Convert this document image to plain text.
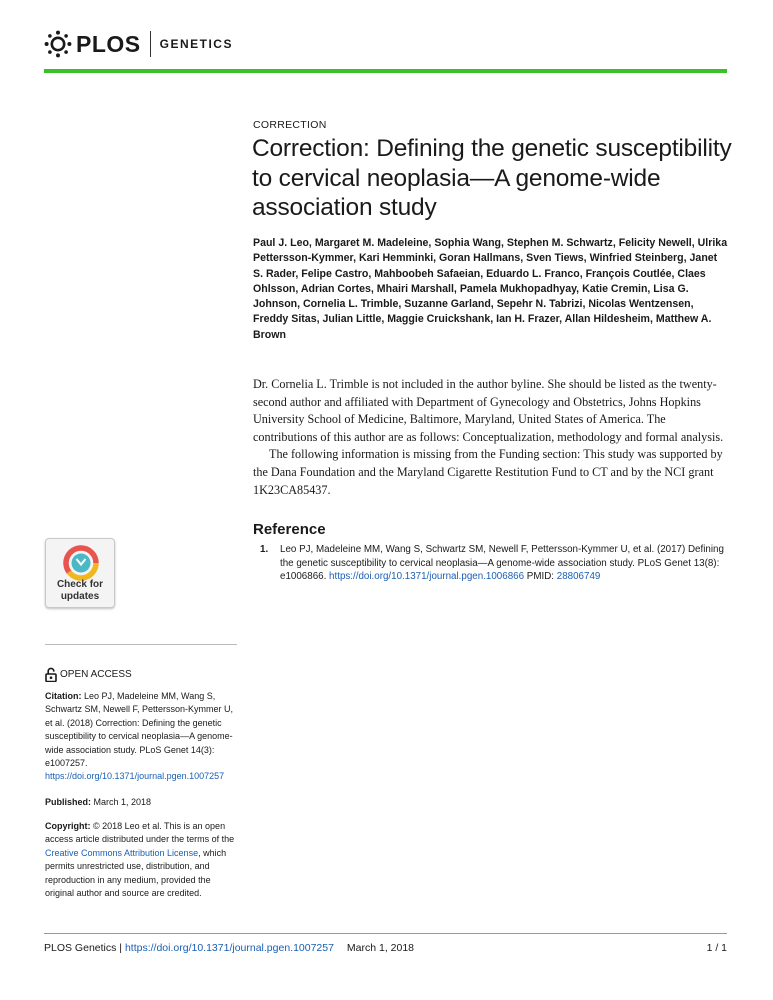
PLOS GENETICS
CORRECTION
Correction: Defining the genetic susceptibility to cervical neoplasia—A genome-wide association study
Paul J. Leo, Margaret M. Madeleine, Sophia Wang, Stephen M. Schwartz, Felicity Newell, Ulrika Pettersson-Kymmer, Kari Hemminki, Goran Hallmans, Sven Tiews, Winfried Steinberg, Janet S. Rader, Felipe Castro, Mahboobeh Safaeian, Eduardo L. Franco, François Coutlée, Claes Ohlsson, Adrian Cortes, Mhairi Marshall, Pamela Mukhopadhyay, Katie Cremin, Lisa G. Johnson, Cornelia L. Trimble, Suzanne Garland, Sepehr N. Tabrizi, Nicolas Wentzensen, Freddy Sitas, Julian Little, Maggie Cruickshank, Ian H. Frazer, Allan Hildesheim, Matthew A. Brown

Dr. Cornelia L. Trimble is not included in the author byline. She should be listed as the twenty-second author and affiliated with Department of Gynecology and Obstetrics, Johns Hopkins University School of Medicine, Baltimore, Maryland, United States of America. The contributions of this author are as follows: Conceptualization, methodology and formal analysis.

The following information is missing from the Funding section: This study was supported by the Dana Foundation and the Maryland Cigarette Restitution Fund to CT and by the NCI grant 1K23CA85437.

Reference
1.	Leo PJ, Madeleine MM, Wang S, Schwartz SM, Newell F, Pettersson-Kymmer U, et al. (2017) Defining the genetic susceptibility to cervical neoplasia—A genome-wide association study. PLoS Genet 13(8): e1006866. https://doi.org/10.1371/journal.pgen.1006866 PMID: 28806749
Check for
updates
OPEN ACCESS
Citation: Leo PJ, Madeleine MM, Wang S, Schwartz SM, Newell F, Pettersson-Kymmer U, et al. (2018) Correction: Defining the genetic susceptibility to cervical neoplasia—A genome-wide association study. PLoS Genet 14(3): e1007257. https://doi.org/10.1371/journal.pgen.1007257
Published: March 1, 2018
Copyright: © 2018 Leo et al. This is an open access article distributed under the terms of the Creative Commons Attribution License, which permits unrestricted use, distribution, and reproduction in any medium, provided the original author and source are credited.
PLOS Genetics | https://doi.org/10.1371/journal.pgen.1007257 March 1, 2018	1 / 1
